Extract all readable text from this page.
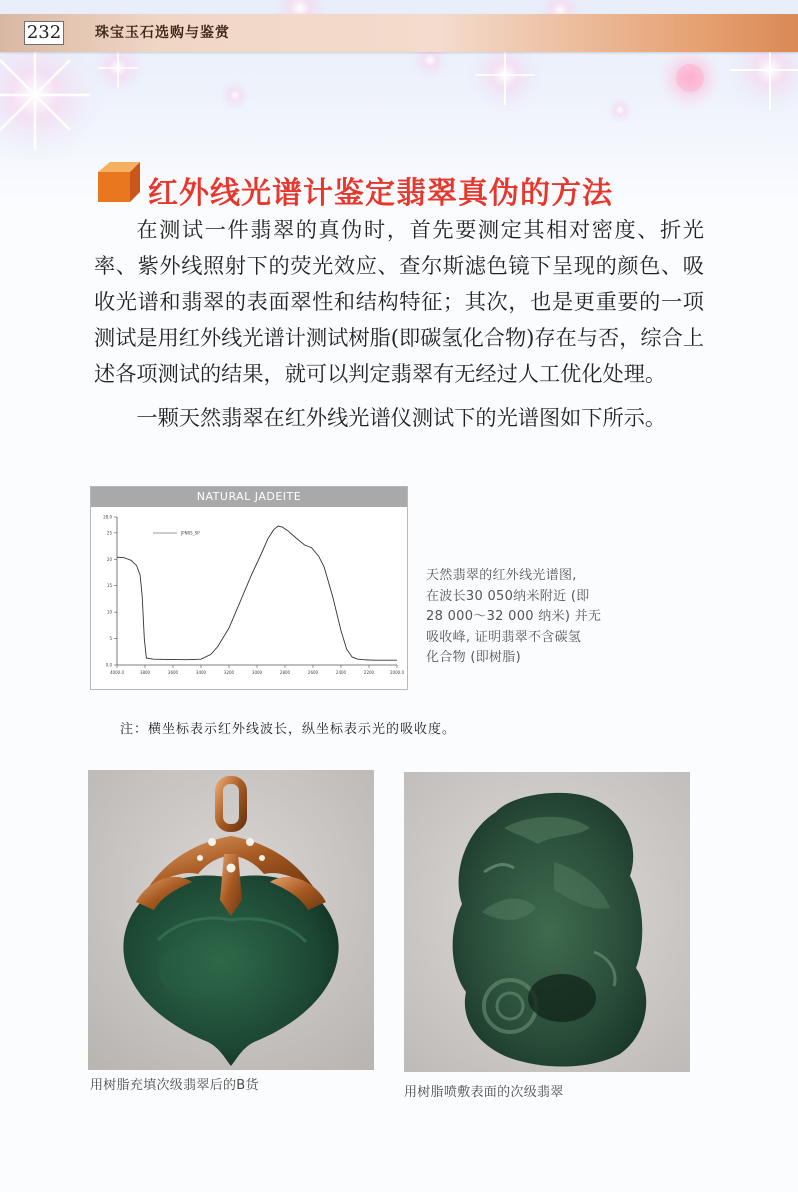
232 珠宝玉石选购与鉴赏
红外线光谱计鉴定翡翠真伪的方法

在测试一件翡翠的真伪时，首先要测定其相对密度、折光率、紫外线照射下的荧光效应、查尔斯滤色镜下呈现的颜色、吸收光谱和翡翠的表面翠性和结构特征；其次，也是更重要的一项测试是用红外线光谱计测试树脂(即碳氢化合物)存在与否，综合上述各项测试的结果，就可以判定翡翠有无经过人工优化处理。

一颗天然翡翠在红外线光谱仪测试下的光谱图如下所示。

NATURAL JADEITE
0.0
5
10
15
20
25
28.0
4000.0	3800	3600	3400	3200	3000	2800	2600	2400	2200	2000.0
JPN05_SP
天然翡翠的红外线光谱图,
在波长30 050纳米附近 (即
28 000～32 000 纳米) 并无
吸收峰, 证明翡翠不含碳氢
化合物 (即树脂)
注：横坐标表示红外线波长，纵坐标表示光的吸收度。
用树脂充填次级翡翠后的B货	用树脂喷敷表面的次级翡翠
